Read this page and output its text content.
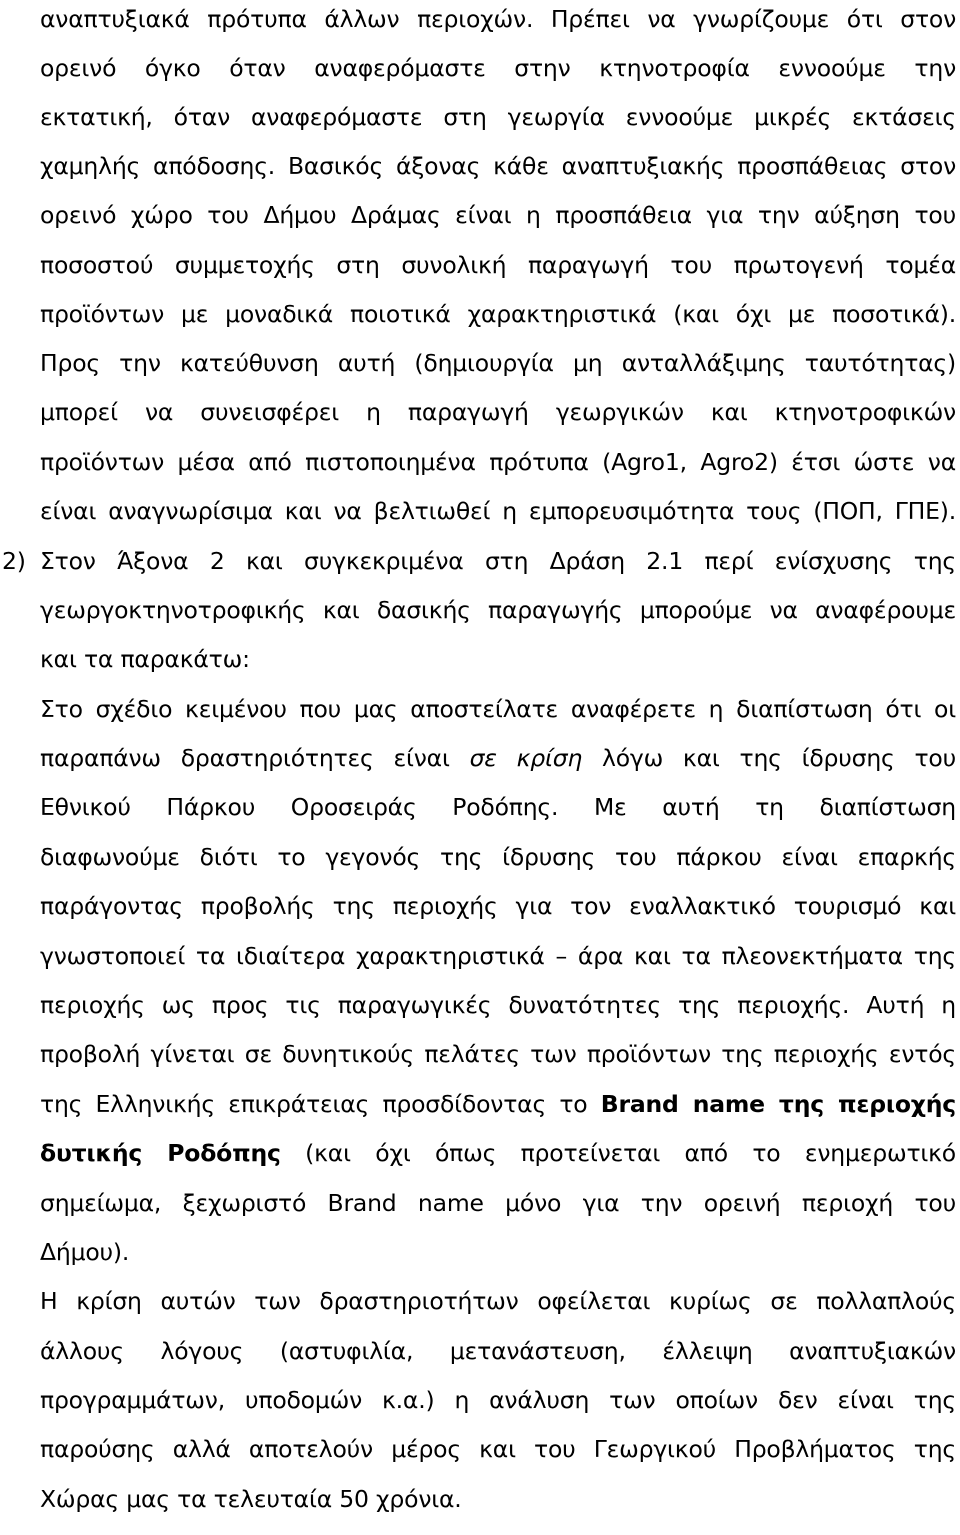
αναπτυξιακά πρότυπα άλλων περιοχών. Πρέπει να γνωρίζουμε ότι στον
ορεινό όγκο όταν αναφερόμαστε στην κτηνοτροφία εννοούμε την
εκτατική, όταν αναφερόμαστε στη γεωργία εννοούμε μικρές εκτάσεις
χαμηλής απόδοσης. Βασικός άξονας κάθε αναπτυξιακής προσπάθειας στον
ορεινό χώρο του Δήμου Δράμας είναι η προσπάθεια για την αύξηση του
ποσοστού συμμετοχής στη συνολική παραγωγή του πρωτογενή τομέα
προϊόντων με μοναδικά ποιοτικά χαρακτηριστικά (και όχι με ποσοτικά).
Προς την κατεύθυνση αυτή (δημιουργία μη ανταλλάξιμης ταυτότητας)
μπορεί να συνεισφέρει η παραγωγή γεωργικών και κτηνοτροφικών
προϊόντων μέσα από πιστοποιημένα πρότυπα (Agro1, Agro2) έτσι ώστε να
είναι αναγνωρίσιμα και να βελτιωθεί η εμπορευσιμότητα τους (ΠΟΠ, ΓΠΕ).
2) Στον Άξονα 2 και συγκεκριμένα στη Δράση 2.1 περί ενίσχυσης της
γεωργοκτηνοτροφικής και δασικής παραγωγής μπορούμε να αναφέρουμε
και τα παρακάτω:
Στο σχέδιο κειμένου που μας αποστείλατε αναφέρετε η διαπίστωση ότι οι
παραπάνω δραστηριότητες είναι σε κρίση λόγω και της ίδρυσης του
Εθνικού Πάρκου Οροσειράς Ροδόπης. Με αυτή τη διαπίστωση
διαφωνούμε διότι το γεγονός της ίδρυσης του πάρκου είναι επαρκής
παράγοντας προβολής της περιοχής για τον εναλλακτικό τουρισμό και
γνωστοποιεί τα ιδιαίτερα χαρακτηριστικά – άρα και τα πλεονεκτήματα της
περιοχής ως προς τις παραγωγικές δυνατότητες της περιοχής. Αυτή η
προβολή γίνεται σε δυνητικούς πελάτες των προϊόντων της περιοχής εντός
της Ελληνικής επικράτειας προσδίδοντας το Brand name της περιοχής
δυτικής Ροδόπης (και όχι όπως προτείνεται από το ενημερωτικό
σημείωμα, ξεχωριστό Brand name μόνο για την ορεινή περιοχή του
Δήμου).
Η κρίση αυτών των δραστηριοτήτων οφείλεται κυρίως σε πολλαπλούς
άλλους λόγους (αστυφιλία, μετανάστευση, έλλειψη αναπτυξιακών
προγραμμάτων, υποδομών κ.α.) η ανάλυση των οποίων δεν είναι της
παρούσης αλλά αποτελούν μέρος και του Γεωργικού Προβλήματος της
Χώρας μας τα τελευταία 50 χρόνια.
